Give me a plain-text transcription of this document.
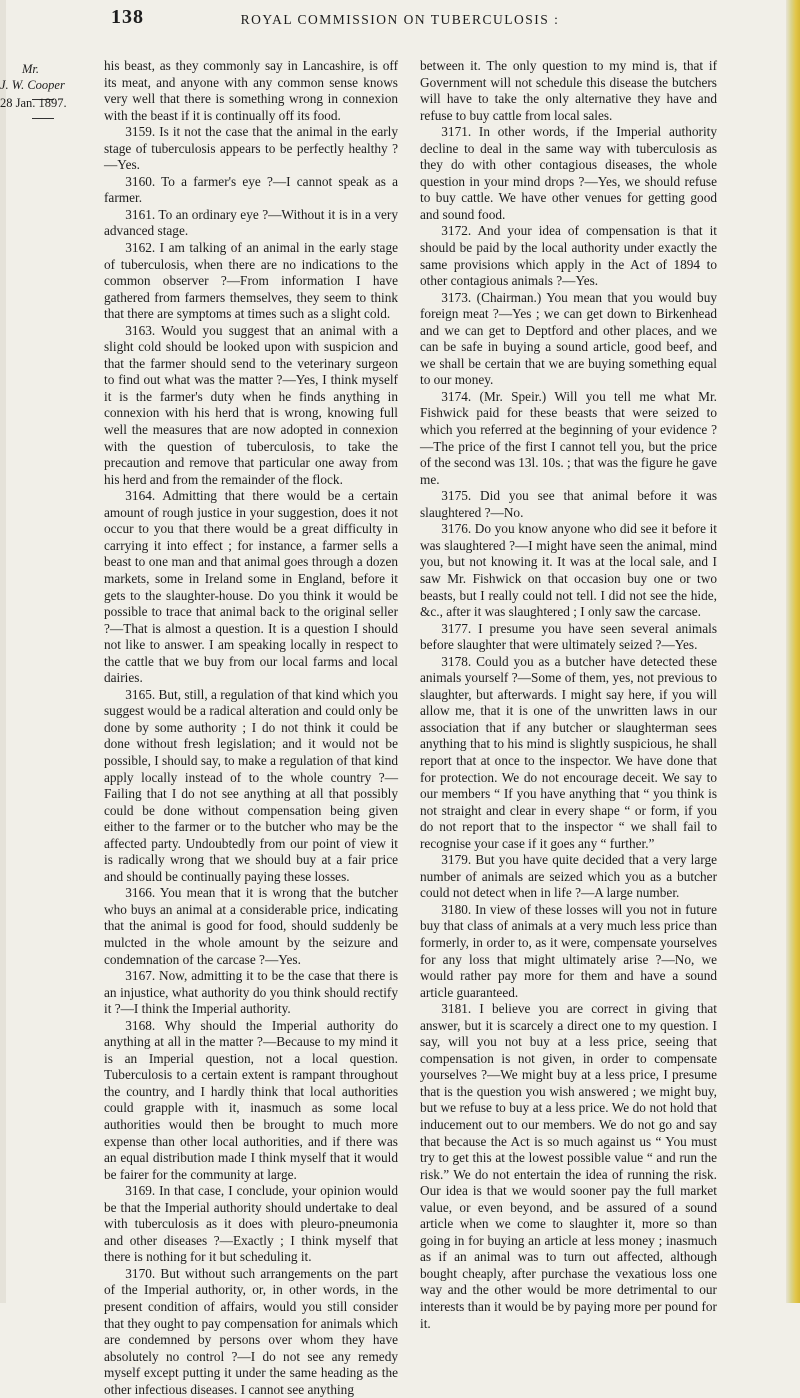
138	ROYAL COMMISSION ON TUBERCULOSIS :
Mr.
J. W. Cooper
28 Jan. 1897.

his beast, as they commonly say in Lancashire, is off its meat, and anyone with any common sense knows very well that there is something wrong in connexion with the beast if it is continually off its food.

3159. Is it not the case that the animal in the early stage of tuberculosis appears to be perfectly healthy ?—Yes.

3160. To a farmer's eye ?—I cannot speak as a farmer.

3161. To an ordinary eye ?—Without it is in a very advanced stage.

3162. I am talking of an animal in the early stage of tuberculosis, when there are no indications to the common observer ?—From information I have gathered from farmers themselves, they seem to think that there are symptoms at times such as a slight cold.

3163. Would you suggest that an animal with a slight cold should be looked upon with suspicion and that the farmer should send to the veterinary surgeon to find out what was the matter ?—Yes, I think myself it is the farmer's duty when he finds anything in connexion with his herd that is wrong, knowing full well the measures that are now adopted in connexion with the question of tuberculosis, to take the precaution and remove that particular one away from his herd and from the remainder of the flock.

3164. Admitting that there would be a certain amount of rough justice in your suggestion, does it not occur to you that there would be a great difficulty in carrying it into effect ; for instance, a farmer sells a beast to one man and that animal goes through a dozen markets, some in Ireland some in England, before it gets to the slaughter-house. Do you think it would be possible to trace that animal back to the original seller ?—That is almost a question. It is a question I should not like to answer. I am speaking locally in respect to the cattle that we buy from our local farms and local dairies.

3165. But, still, a regulation of that kind which you suggest would be a radical alteration and could only be done by some authority ; I do not think it could be done without fresh legislation; and it would not be possible, I should say, to make a regulation of that kind apply locally instead of to the whole country ?—Failing that I do not see anything at all that possibly could be done without compensation being given either to the farmer or to the butcher who may be the affected party. Undoubtedly from our point of view it is radically wrong that we should buy at a fair price and should be continually paying these losses.

3166. You mean that it is wrong that the butcher who buys an animal at a considerable price, indicating that the animal is good for food, should suddenly be mulcted in the whole amount by the seizure and condemnation of the carcase ?—Yes.

3167. Now, admitting it to be the case that there is an injustice, what authority do you think should rectify it ?—I think the Imperial authority.

3168. Why should the Imperial authority do anything at all in the matter ?—Because to my mind it is an Imperial question, not a local question. Tuberculosis to a certain extent is rampant throughout the country, and I hardly think that local authorities could grapple with it, inasmuch as some local authorities would then be brought to much more expense than other local authorities, and if there was an equal distribution made I think myself that it would be fairer for the community at large.

3169. In that case, I conclude, your opinion would be that the Imperial authority should undertake to deal with tuberculosis as it does with pleuro-pneumonia and other diseases ?—Exactly ; I think myself that there is nothing for it but scheduling it.

3170. But without such arrangements on the part of the Imperial authority, or, in other words, in the present condition of affairs, would you still consider that they ought to pay compensation for animals which are condemned by persons over whom they have absolutely no control ?—I do not see any remedy myself except putting it under the same heading as the other infectious diseases. I cannot see anything

between it. The only question to my mind is, that if Government will not schedule this disease the butchers will have to take the only alternative they have and refuse to buy cattle from local sales.

3171. In other words, if the Imperial authority decline to deal in the same way with tuberculosis as they do with other contagious diseases, the whole question in your mind drops ?—Yes, we should refuse to buy cattle. We have other venues for getting good and sound food.

3172. And your idea of compensation is that it should be paid by the local authority under exactly the same provisions which apply in the Act of 1894 to other contagious animals ?—Yes.

3173. (Chairman.) You mean that you would buy foreign meat ?—Yes ; we can get down to Birkenhead and we can get to Deptford and other places, and we can be safe in buying a sound article, good beef, and we shall be certain that we are buying something equal to our money.

3174. (Mr. Speir.) Will you tell me what Mr. Fishwick paid for these beasts that were seized to which you referred at the beginning of your evidence ? —The price of the first I cannot tell you, but the price of the second was 13l. 10s. ; that was the figure he gave me.

3175. Did you see that animal before it was slaughtered ?—No.

3176. Do you know anyone who did see it before it was slaughtered ?—I might have seen the animal, mind you, but not knowing it. It was at the local sale, and I saw Mr. Fishwick on that occasion buy one or two beasts, but I really could not tell. I did not see the hide, &c., after it was slaughtered ; I only saw the carcase.

3177. I presume you have seen several animals before slaughter that were ultimately seized ?—Yes.

3178. Could you as a butcher have detected these animals yourself ?—Some of them, yes, not previous to slaughter, but afterwards. I might say here, if you will allow me, that it is one of the unwritten laws in our association that if any butcher or slaughterman sees anything that to his mind is slightly suspicious, he shall report that at once to the inspector. We have done that for protection. We do not encourage deceit. We say to our members “ If you have anything that “ you think is not straight and clear in every shape “ or form, if you do not report that to the inspector “ we shall fail to recognise your case if it goes any “ further.”

3179. But you have quite decided that a very large number of animals are seized which you as a butcher could not detect when in life ?—A large number.

3180. In view of these losses will you not in future buy that class of animals at a very much less price than formerly, in order to, as it were, compensate yourselves for any loss that might ultimately arise ?—No, we would rather pay more for them and have a sound article guaranteed.

3181. I believe you are correct in giving that answer, but it is scarcely a direct one to my question. I say, will you not buy at a less price, seeing that compensation is not given, in order to compensate yourselves ?—We might buy at a less price, I presume that is the question you wish answered ; we might buy, but we refuse to buy at a less price. We do not hold that inducement out to our members. We do not go and say that because the Act is so much against us “ You must try to get this at the lowest possible value “ and run the risk.” We do not entertain the idea of running the risk. Our idea is that we would sooner pay the full market value, or even beyond, and be assured of a sound article when we come to slaughter it, more so than going in for buying an article at less money ; inasmuch as if an animal was to turn out affected, although bought cheaply, after purchase the vexatious loss one way and the other would be more detrimental to our interests than it would be by paying more per pound for it.
